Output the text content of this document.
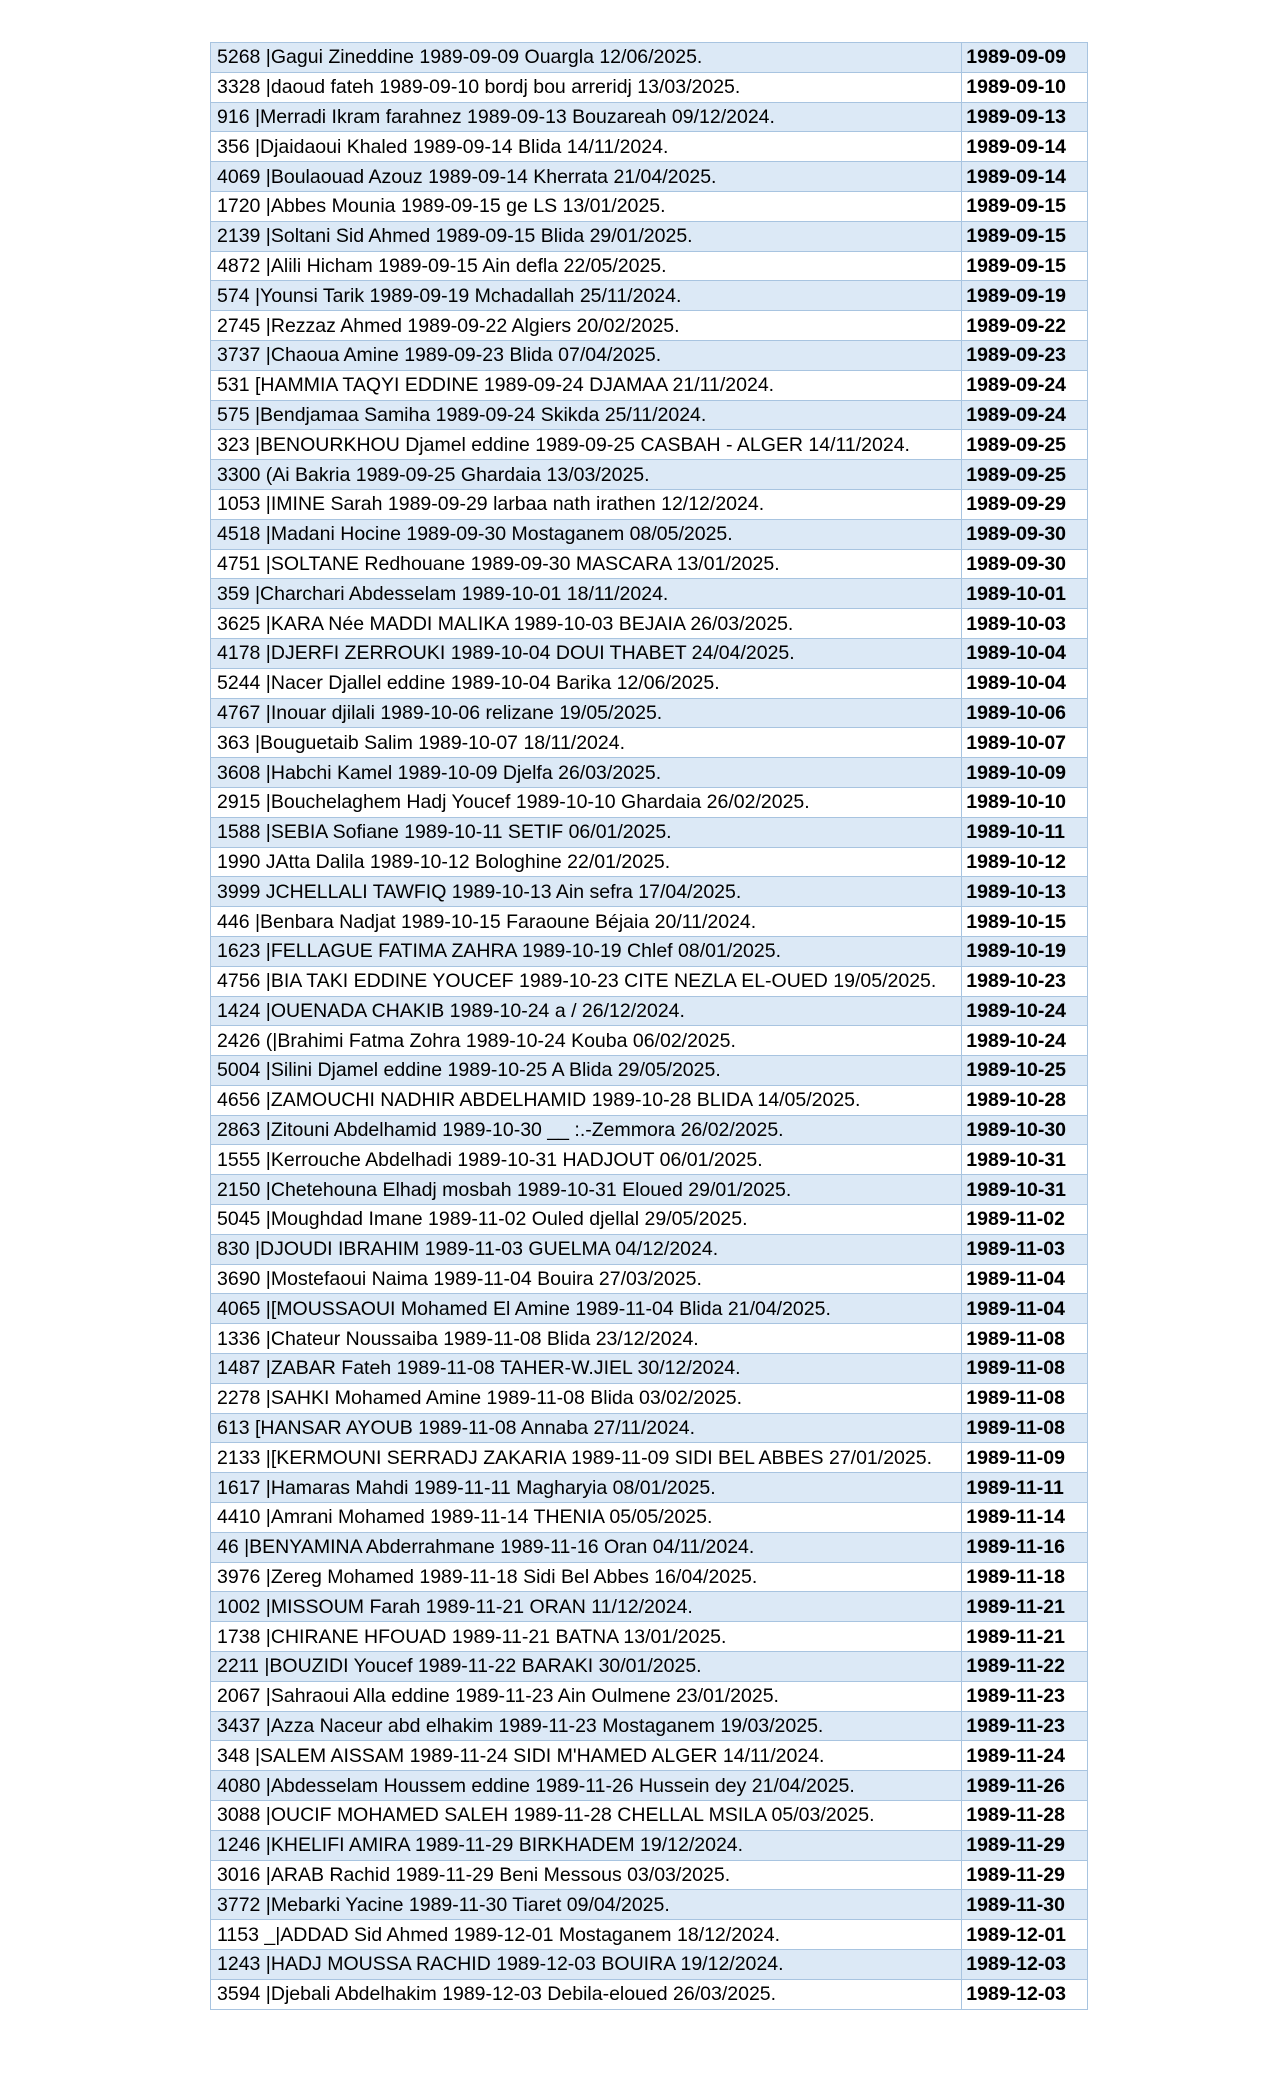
5268 |Gagui Zineddine 1989-09-09 Ouargla 12/06/2025.	1989-09-09
3328 |daoud fateh 1989-09-10 bordj bou arreridj 13/03/2025.	1989-09-10
916 |Merradi Ikram farahnez 1989-09-13 Bouzareah 09/12/2024.	1989-09-13
356 |Djaidaoui Khaled 1989-09-14 Blida 14/11/2024.	1989-09-14
4069 |Boulaouad Azouz 1989-09-14 Kherrata 21/04/2025.	1989-09-14
1720 |Abbes Mounia 1989-09-15 ge LS 13/01/2025.	1989-09-15
2139 |Soltani Sid Ahmed 1989-09-15 Blida 29/01/2025.	1989-09-15
4872 |Alili Hicham 1989-09-15 Ain defla 22/05/2025.	1989-09-15
574 |Younsi Tarik 1989-09-19 Mchadallah 25/11/2024.	1989-09-19
2745 |Rezzaz Ahmed 1989-09-22 Algiers 20/02/2025.	1989-09-22
3737 |Chaoua Amine 1989-09-23 Blida 07/04/2025.	1989-09-23
531 [HAMMIA TAQYI EDDINE 1989-09-24 DJAMAA 21/11/2024.	1989-09-24
575 |Bendjamaa Samiha 1989-09-24 Skikda 25/11/2024.	1989-09-24
323 |BENOURKHOU Djamel eddine 1989-09-25 CASBAH - ALGER 14/11/2024.	1989-09-25
3300 (Ai Bakria 1989-09-25 Ghardaia 13/03/2025.	1989-09-25
1053 |IMINE Sarah 1989-09-29 larbaa nath irathen 12/12/2024.	1989-09-29
4518 |Madani Hocine 1989-09-30 Mostaganem 08/05/2025.	1989-09-30
4751 |SOLTANE Redhouane 1989-09-30 MASCARA 13/01/2025.	1989-09-30
359 |Charchari Abdesselam 1989-10-01 18/11/2024.	1989-10-01
3625 |KARA Née MADDI MALIKA 1989-10-03 BEJAIA 26/03/2025.	1989-10-03
4178 |DJERFI ZERROUKI 1989-10-04 DOUI THABET 24/04/2025.	1989-10-04
5244 |Nacer Djallel eddine 1989-10-04 Barika 12/06/2025.	1989-10-04
4767 |Inouar djilali 1989-10-06 relizane 19/05/2025.	1989-10-06
363 |Bouguetaib Salim 1989-10-07 18/11/2024.	1989-10-07
3608 |Habchi Kamel 1989-10-09 Djelfa 26/03/2025.	1989-10-09
2915 |Bouchelaghem Hadj Youcef 1989-10-10 Ghardaia 26/02/2025.	1989-10-10
1588 |SEBIA Sofiane 1989-10-11 SETIF 06/01/2025.	1989-10-11
1990 JAtta Dalila 1989-10-12 Bologhine 22/01/2025.	1989-10-12
3999 JCHELLALI TAWFIQ 1989-10-13 Ain sefra 17/04/2025.	1989-10-13
446 |Benbara Nadjat 1989-10-15 Faraoune Béjaia 20/11/2024.	1989-10-15
1623 |FELLAGUE FATIMA ZAHRA 1989-10-19 Chlef 08/01/2025.	1989-10-19
4756 |BIA TAKI EDDINE YOUCEF 1989-10-23 CITE NEZLA EL-OUED 19/05/2025.	1989-10-23
1424 |OUENADA CHAKIB 1989-10-24 a / 26/12/2024.	1989-10-24
2426 (|Brahimi Fatma Zohra 1989-10-24 Kouba 06/02/2025.	1989-10-24
5004 |Silini Djamel eddine 1989-10-25 A Blida 29/05/2025.	1989-10-25
4656 |ZAMOUCHI NADHIR ABDELHAMID 1989-10-28 BLIDA 14/05/2025.	1989-10-28
2863 |Zitouni Abdelhamid 1989-10-30 __ :.-Zemmora 26/02/2025.	1989-10-30
1555 |Kerrouche Abdelhadi 1989-10-31 HADJOUT 06/01/2025.	1989-10-31
2150 |Chetehouna Elhadj mosbah 1989-10-31 Eloued 29/01/2025.	1989-10-31
5045 |Moughdad Imane 1989-11-02 Ouled djellal 29/05/2025.	1989-11-02
830 |DJOUDI IBRAHIM 1989-11-03 GUELMA 04/12/2024.	1989-11-03
3690 |Mostefaoui Naima 1989-11-04 Bouira 27/03/2025.	1989-11-04
4065 |[MOUSSAOUI Mohamed El Amine 1989-11-04 Blida 21/04/2025.	1989-11-04
1336 |Chateur Noussaiba 1989-11-08 Blida 23/12/2024.	1989-11-08
1487 |ZABAR Fateh 1989-11-08 TAHER-W.JIEL 30/12/2024.	1989-11-08
2278 |SAHKI Mohamed Amine 1989-11-08 Blida 03/02/2025.	1989-11-08
613 [HANSAR AYOUB 1989-11-08 Annaba 27/11/2024.	1989-11-08
2133 |[KERMOUNI SERRADJ ZAKARIA 1989-11-09 SIDI BEL ABBES 27/01/2025.	1989-11-09
1617 |Hamaras Mahdi 1989-11-11 Magharyia 08/01/2025.	1989-11-11
4410 |Amrani Mohamed 1989-11-14 THENIA 05/05/2025.	1989-11-14
46 |BENYAMINA Abderrahmane 1989-11-16 Oran 04/11/2024.	1989-11-16
3976 |Zereg Mohamed 1989-11-18 Sidi Bel Abbes 16/04/2025.	1989-11-18
1002 |MISSOUM Farah 1989-11-21 ORAN 11/12/2024.	1989-11-21
1738 |CHIRANE HFOUAD 1989-11-21 BATNA 13/01/2025.	1989-11-21
2211 |BOUZIDI Youcef 1989-11-22 BARAKI 30/01/2025.	1989-11-22
2067 |Sahraoui Alla eddine 1989-11-23 Ain Oulmene 23/01/2025.	1989-11-23
3437 |Azza Naceur abd elhakim 1989-11-23 Mostaganem 19/03/2025.	1989-11-23
348 |SALEM AISSAM 1989-11-24 SIDI M'HAMED ALGER 14/11/2024.	1989-11-24
4080 |Abdesselam Houssem eddine 1989-11-26 Hussein dey 21/04/2025.	1989-11-26
3088 |OUCIF MOHAMED SALEH 1989-11-28 CHELLAL MSILA 05/03/2025.	1989-11-28
1246 |KHELIFI AMIRA 1989-11-29 BIRKHADEM 19/12/2024.	1989-11-29
3016 |ARAB Rachid 1989-11-29 Beni Messous 03/03/2025.	1989-11-29
3772 |Mebarki Yacine 1989-11-30 Tiaret 09/04/2025.	1989-11-30
1153 _|ADDAD Sid Ahmed 1989-12-01 Mostaganem 18/12/2024.	1989-12-01
1243 |HADJ MOUSSA RACHID 1989-12-03 BOUIRA 19/12/2024.	1989-12-03
3594 |Djebali Abdelhakim 1989-12-03 Debila-eloued 26/03/2025.	1989-12-03
